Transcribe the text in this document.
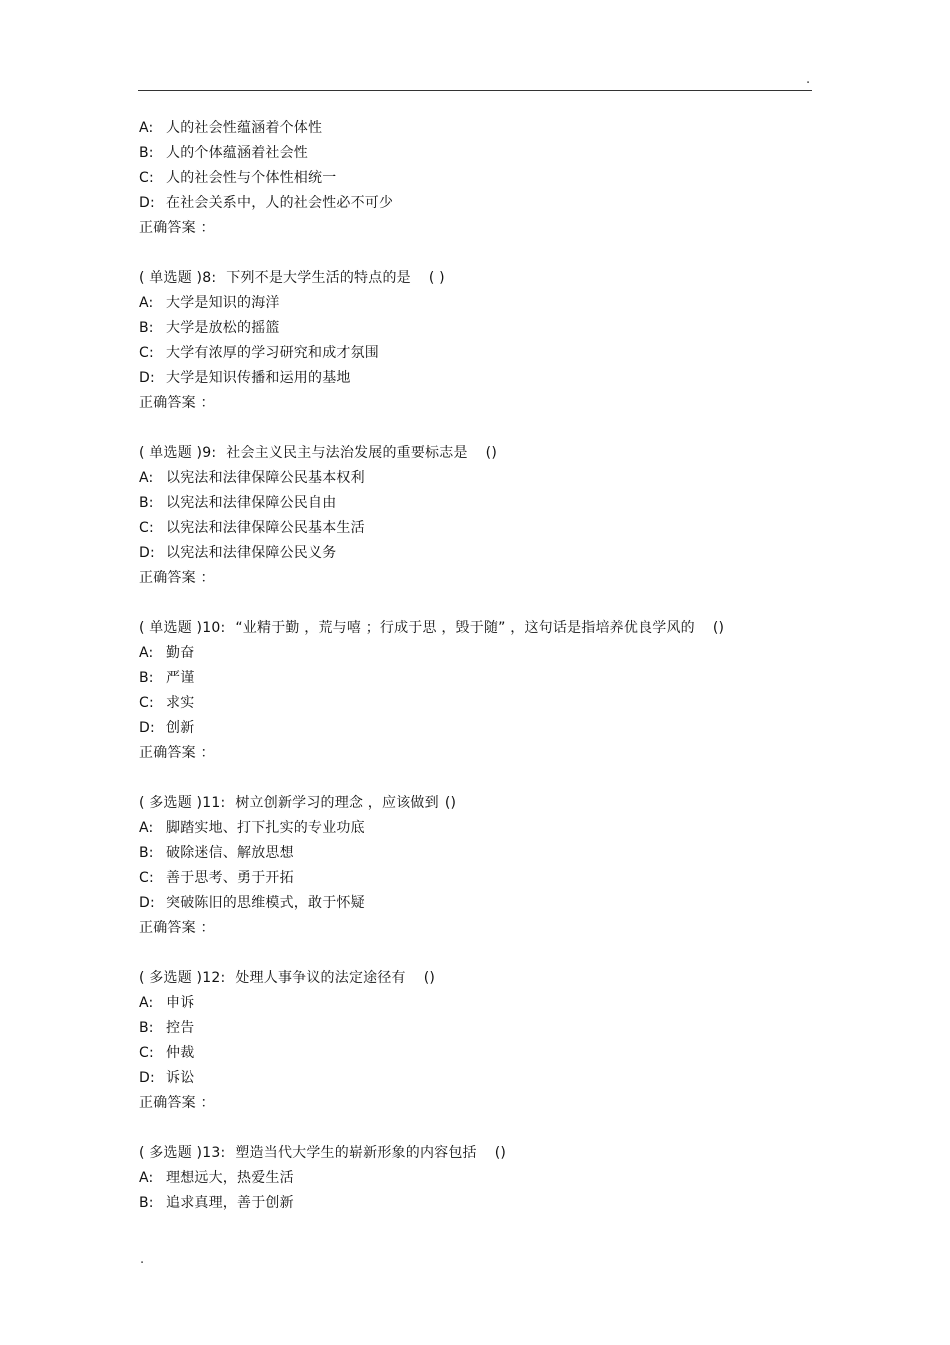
.
A: 人的社会性蕴涵着个体性
B: 人的个体蕴涵着社会性
C: 人的社会性与个体性相统一
D: 在社会关系中，人的社会性必不可少
正确答案 ：
( 单选题 )8: 下列不是大学生活的特点的是 ( )
A: 大学是知识的海洋
B: 大学是放松的摇篮
C: 大学有浓厚的学习研究和成才氛围
D: 大学是知识传播和运用的基地
正确答案 ：
( 单选题 )9: 社会主义民主与法治发展的重要标志是 ()
A: 以宪法和法律保障公民基本权利
B: 以宪法和法律保障公民自由
C: 以宪法和法律保障公民基本生活
D: 以宪法和法律保障公民义务
正确答案 ：
( 单选题 )10: “业精于勤 ，荒与嘻 ；行成于思 ，毁于随” ，这句话是指培养优良学风的 ()
A: 勤奋
B: 严谨
C: 求实
D: 创新
正确答案 ：
( 多选题 )11: 树立创新学习的理念 ，应该做到 ()
A: 脚踏实地、打下扎实的专业功底
B: 破除迷信、解放思想
C: 善于思考、勇于开拓
D: 突破陈旧的思维模式，敢于怀疑
正确答案 ：
( 多选题 )12: 处理人事争议的法定途径有 ()
A: 申诉
B: 控告
C: 仲裁
D: 诉讼
正确答案 ：
( 多选题 )13: 塑造当代大学生的崭新形象的内容包括 ()
A: 理想远大，热爱生活
B: 追求真理，善于创新
.
